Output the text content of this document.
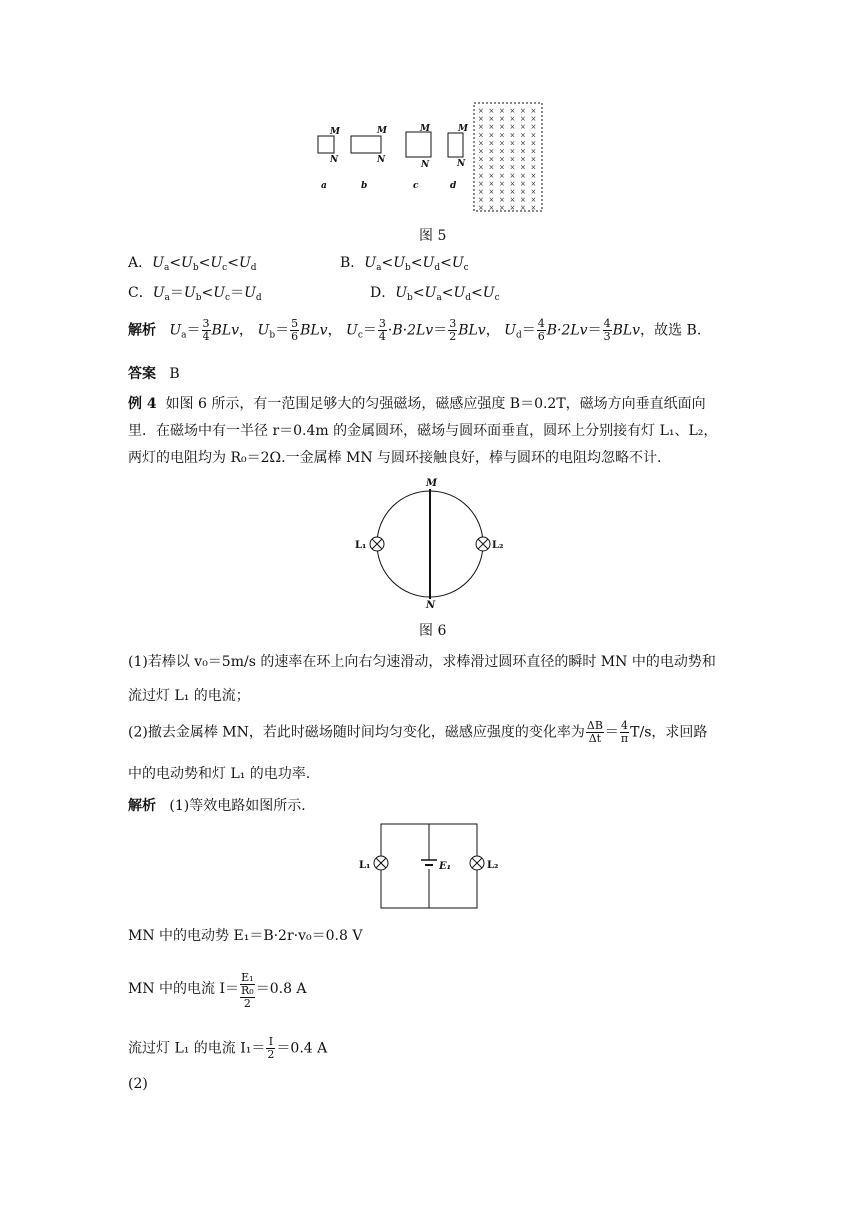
M
N
M
N
M
N
M
N
a	b	c	d
× × × × × ×
× × × × × ×
× × × × × ×
× × × × × ×
× × × × × ×
× × × × × ×
× × × × × ×
× × × × × ×
× × × × × ×
× × × × × ×
× × × × × ×
× × × × × ×
× × × × × ×
图 5
A．$U_a<U_b<U_c<U_d$	B．$U_a<U_b<U_d<U_c$
C．$U_a=U_b<U_c=U_d$	D．$U_b<U_a<U_d<U_c$
解析 $U_a= \frac{3}{4}$ BLv， $U_b= \frac{5}{6}$ BLv， $U_c= \frac{3}{4} \cdot B\cdot 2Lv= \frac{3}{2}$ BLv， $U_d= \frac{4}{6} B\cdot 2Lv= \frac{4}{3}$ BLv，故选 B.
答案 B
例 4 如图 6 所示，有一范围足够大的匀强磁场，磁感应强度 B＝0.2T，磁场方向垂直纸面向
里．在磁场中有一半径 r＝0.4m 的金属圆环，磁场与圆环面垂直，圆环上分别接有灯 L₁、L₂，
两灯的电阻均为 R₀＝2Ω.一金属棒 MN 与圆环接触良好，棒与圆环的电阻均忽略不计.
M
N
L₁	L₂
图 6
(1)若棒以 v₀＝5m/s 的速率在环上向右匀速滑动，求棒滑过圆环直径的瞬时 MN 中的电动势和
流过灯 L₁ 的电流；
(2)撤去金属棒 MN，若此时磁场随时间均匀变化，磁感应强度的变化率为 $\frac{\Delta B}{\Delta t} = \frac{4}{\pi} T/s$，求回路
中的电动势和灯 L₁ 的电功率.
解析 (1)等效电路如图所示.
L₁	L₂
E₁
MN 中的电动势 E₁＝B·2r·v₀＝0.8 V
MN 中的电流 I＝
E₁
R₀
2
＝0.8 A
流过灯 L₁ 的电流 $I_1= \frac{I}{2} =0.4$ A
(2)
